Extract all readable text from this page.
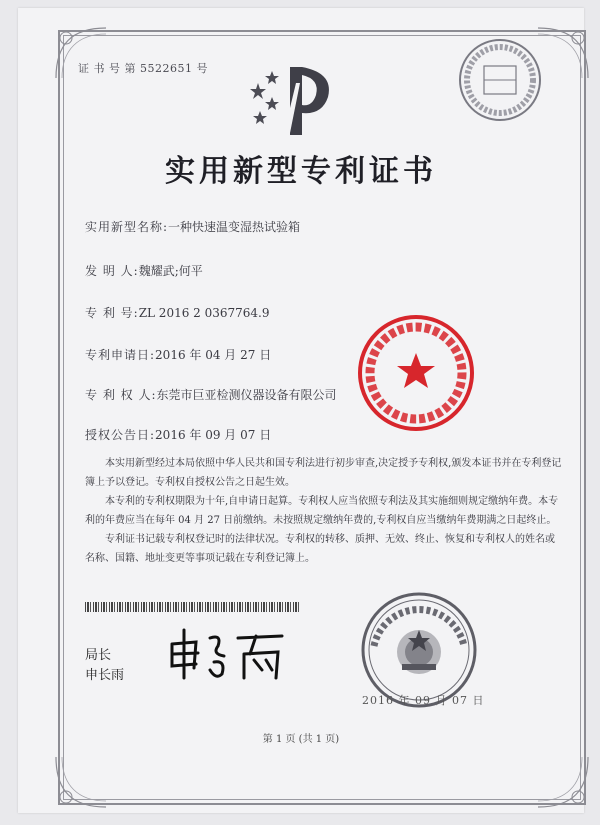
证 书 号 第 5522651 号
实用新型专利证书
实用新型名称:一种快速温变湿热试验箱
发 明 人:魏耀武;何平
专 利 号:ZL 2016 2 0367764.9
专利申请日:2016 年 04 月 27 日
专 利 权 人:东莞市巨亚检测仪器设备有限公司
授权公告日:2016 年 09 月 07 日

本实用新型经过本局依照中华人民共和国专利法进行初步审查,决定授予专利权,颁发本证书并在专利登记簿上予以登记。专利权自授权公告之日起生效。

本专利的专利权期限为十年,自申请日起算。专利权人应当依照专利法及其实施细则规定缴纳年费。本专利的年费应当在每年 04 月 27 日前缴纳。未按照规定缴纳年费的,专利权自应当缴纳年费期满之日起终止。

专利证书记载专利权登记时的法律状况。专利权的转移、质押、无效、终止、恢复和专利权人的姓名或名称、国籍、地址变更等事项记载在专利登记簿上。

局长
申长雨
2016 年 09 月 07 日
第 1 页 (共 1 页)
